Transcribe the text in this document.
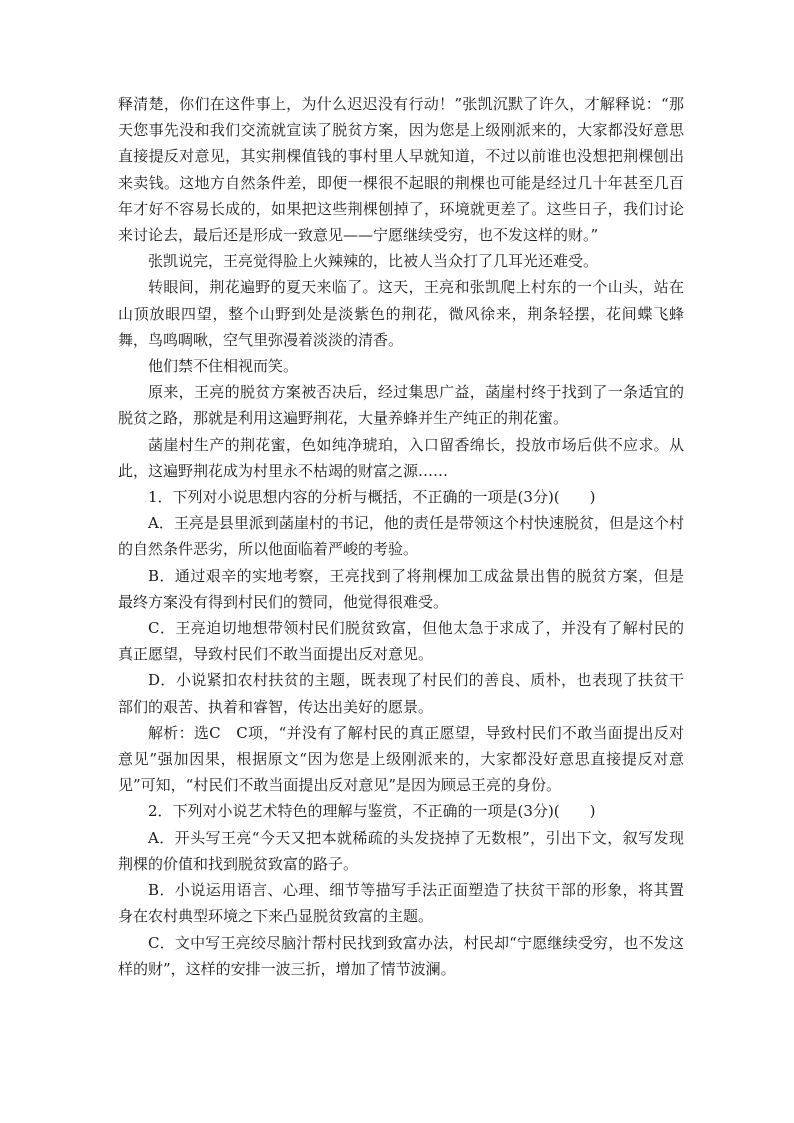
释清楚，你们在这件事上，为什么迟迟没有行动！”张凯沉默了许久，才解释说：“那天您事先没和我们交流就宣读了脱贫方案，因为您是上级刚派来的，大家都没好意思直接提反对意见，其实荆棵值钱的事村里人早就知道，不过以前谁也没想把荆棵刨出来卖钱。这地方自然条件差，即便一棵很不起眼的荆棵也可能是经过几十年甚至几百年才好不容易长成的，如果把这些荆棵刨掉了，环境就更差了。这些日子，我们讨论来讨论去，最后还是形成一致意见——宁愿继续受穷，也不发这样的财。”

张凯说完，王亮觉得脸上火辣辣的，比被人当众打了几耳光还难受。

转眼间，荆花遍野的夏天来临了。这天，王亮和张凯爬上村东的一个山头，站在山顶放眼四望，整个山野到处是淡紫色的荆花，微风徐来，荆条轻摆，花间蝶飞蜂舞，鸟鸣啁啾，空气里弥漫着淡淡的清香。

他们禁不住相视而笑。

原来，王亮的脱贫方案被否决后，经过集思广益，菡崖村终于找到了一条适宜的脱贫之路，那就是利用这遍野荆花，大量养蜂并生产纯正的荆花蜜。

菡崖村生产的荆花蜜，色如纯净琥珀，入口留香绵长，投放市场后供不应求。从此，这遍野荆花成为村里永不枯竭的财富之源……

1．下列对小说思想内容的分析与概括，不正确的一项是(3分)(　　)

A．王亮是县里派到菡崖村的书记，他的责任是带领这个村快速脱贫，但是这个村的自然条件恶劣，所以他面临着严峻的考验。

B．通过艰辛的实地考察，王亮找到了将荆棵加工成盆景出售的脱贫方案，但是最终方案没有得到村民们的赞同，他觉得很难受。

C．王亮迫切地想带领村民们脱贫致富，但他太急于求成了，并没有了解村民的真正愿望，导致村民们不敢当面提出反对意见。

D．小说紧扣农村扶贫的主题，既表现了村民们的善良、质朴，也表现了扶贫干部们的艰苦、执着和睿智，传达出美好的愿景。

解析：选C　C项，“并没有了解村民的真正愿望，导致村民们不敢当面提出反对意见”强加因果，根据原文“因为您是上级刚派来的，大家都没好意思直接提反对意见”可知，“村民们不敢当面提出反对意见”是因为顾忌王亮的身份。

2．下列对小说艺术特色的理解与鉴赏，不正确的一项是(3分)(　　)

A．开头写王亮“今天又把本就稀疏的头发挠掉了无数根”，引出下文，叙写发现荆棵的价值和找到脱贫致富的路子。

B．小说运用语言、心理、细节等描写手法正面塑造了扶贫干部的形象，将其置身在农村典型环境之下来凸显脱贫致富的主题。

C．文中写王亮绞尽脑汁帮村民找到致富办法，村民却“宁愿继续受穷，也不发这样的财”，这样的安排一波三折，增加了情节波澜。
